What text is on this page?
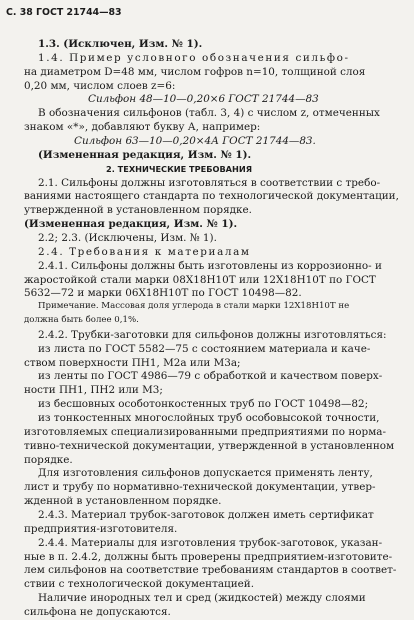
С. 38 ГОСТ 21744—83
1.3. (Исключен, Изм. № 1).
1.4. Пример условного обозначения сильфо-
на диаметром D=48 мм, числом гофров n=10, толщиной слоя
0,20 мм, числом слоев z=6:
Сильфон 48—10—0,20×6 ГОСТ 21744—83
В обозначения сильфонов (табл. 3, 4) с числом z, отмеченных
знаком «*», добавляют букву А, например:
Сильфон 63—10—0,20×4А ГОСТ 21744—83.
(Измененная редакция, Изм. № 1).
2. ТЕХНИЧЕСКИЕ ТРЕБОВАНИЯ
2.1. Сильфоны должны изготовляться в соответствии с требо-
ваниями настоящего стандарта по технологической документации,
утвержденной в установленном порядке.
(Измененная редакция, Изм. № 1).
2.2; 2.3. (Исключены, Изм. № 1).
2.4. Требования к материалам
2.4.1. Сильфоны должны быть изготовлены из коррозионно- и
жаростойкой стали марки 08Х18Н10Т или 12Х18Н10Т по ГОСТ
5632—72 и марки 06Х18Н10Т по ГОСТ 10498—82.
Примечание. Массовая доля углерода в стали марки 12Х18Н10Т не
должна быть более 0,1%.
2.4.2. Трубки-заготовки для сильфонов должны изготовляться:
из листа по ГОСТ 5582—75 с состоянием материала и каче-
ством поверхности ПН1, М2а или М3а;
из ленты по ГОСТ 4986—79 с обработкой и качеством поверх-
ности ПН1, ПН2 или М3;
из бесшовных особотонкостенных труб по ГОСТ 10498—82;
из тонкостенных многослойных труб особовысокой точности,
изготовляемых специализированными предприятиями по норма-
тивно-технической документации, утвержденной в установленном
порядке.
Для изготовления сильфонов допускается применять ленту,
лист и трубу по нормативно-технической документации, утвер-
жденной в установленном порядке.
2.4.3. Материал трубок-заготовок должен иметь сертификат
предприятия-изготовителя.
2.4.4. Материалы для изготовления трубок-заготовок, указан-
ные в п. 2.4.2, должны быть проверены предприятием-изготовите-
лем сильфонов на соответствие требованиям стандартов в соответ-
ствии с технологической документацией.
Наличие инородных тел и сред (жидкостей) между слоями
сильфона не допускаются.
